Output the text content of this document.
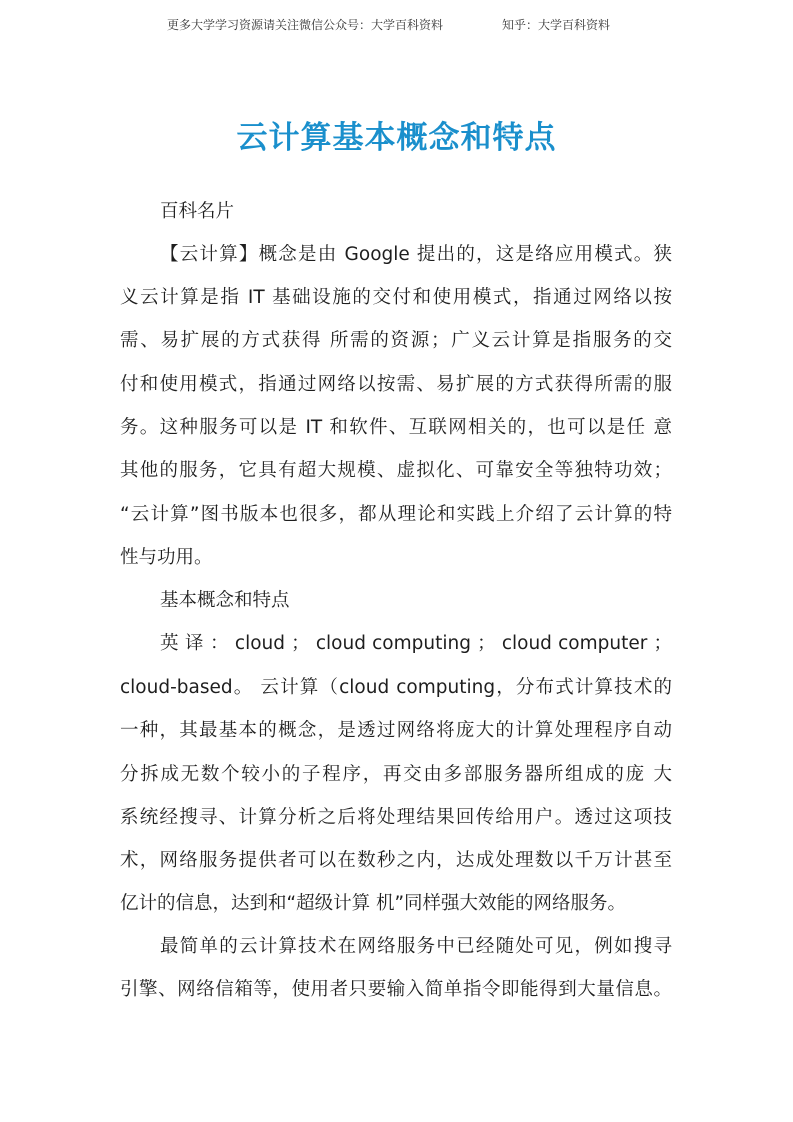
更多大学学习资源请关注微信公众号：大学百科资料	知乎：大学百科资料
云计算基本概念和特点
百科名片
【云计算】概念是由 Google 提出的，这是络应用模式。狭
义云计算是指 IT 基础设施的交付和使用模式，指通过网络以按
需、易扩展的方式获得 所需的资源；广义云计算是指服务的交
付和使用模式，指通过网络以按需、易扩展的方式获得所需的服
务。这种服务可以是 IT 和软件、互联网相关的，也可以是任 意
其他的服务，它具有超大规模、虚拟化、可靠安全等独特功效；
“云计算”图书版本也很多，都从理论和实践上介绍了云计算的特
性与功用。
基本概念和特点
英 译 ： cloud ； cloud computing ； cloud computer ；
cloud-based。 云计算（cloud computing，分布式计算技术的
一种，其最基本的概念，是透过网络将庞大的计算处理程序自动
分拆成无数个较小的子程序，再交由多部服务器所组成的庞 大
系统经搜寻、计算分析之后将处理结果回传给用户。透过这项技
术，网络服务提供者可以在数秒之内，达成处理数以千万计甚至
亿计的信息，达到和“超级计算 机”同样强大效能的网络服务。
最简单的云计算技术在网络服务中已经随处可见，例如搜寻
引擎、网络信箱等，使用者只要输入简单指令即能得到大量信息。
